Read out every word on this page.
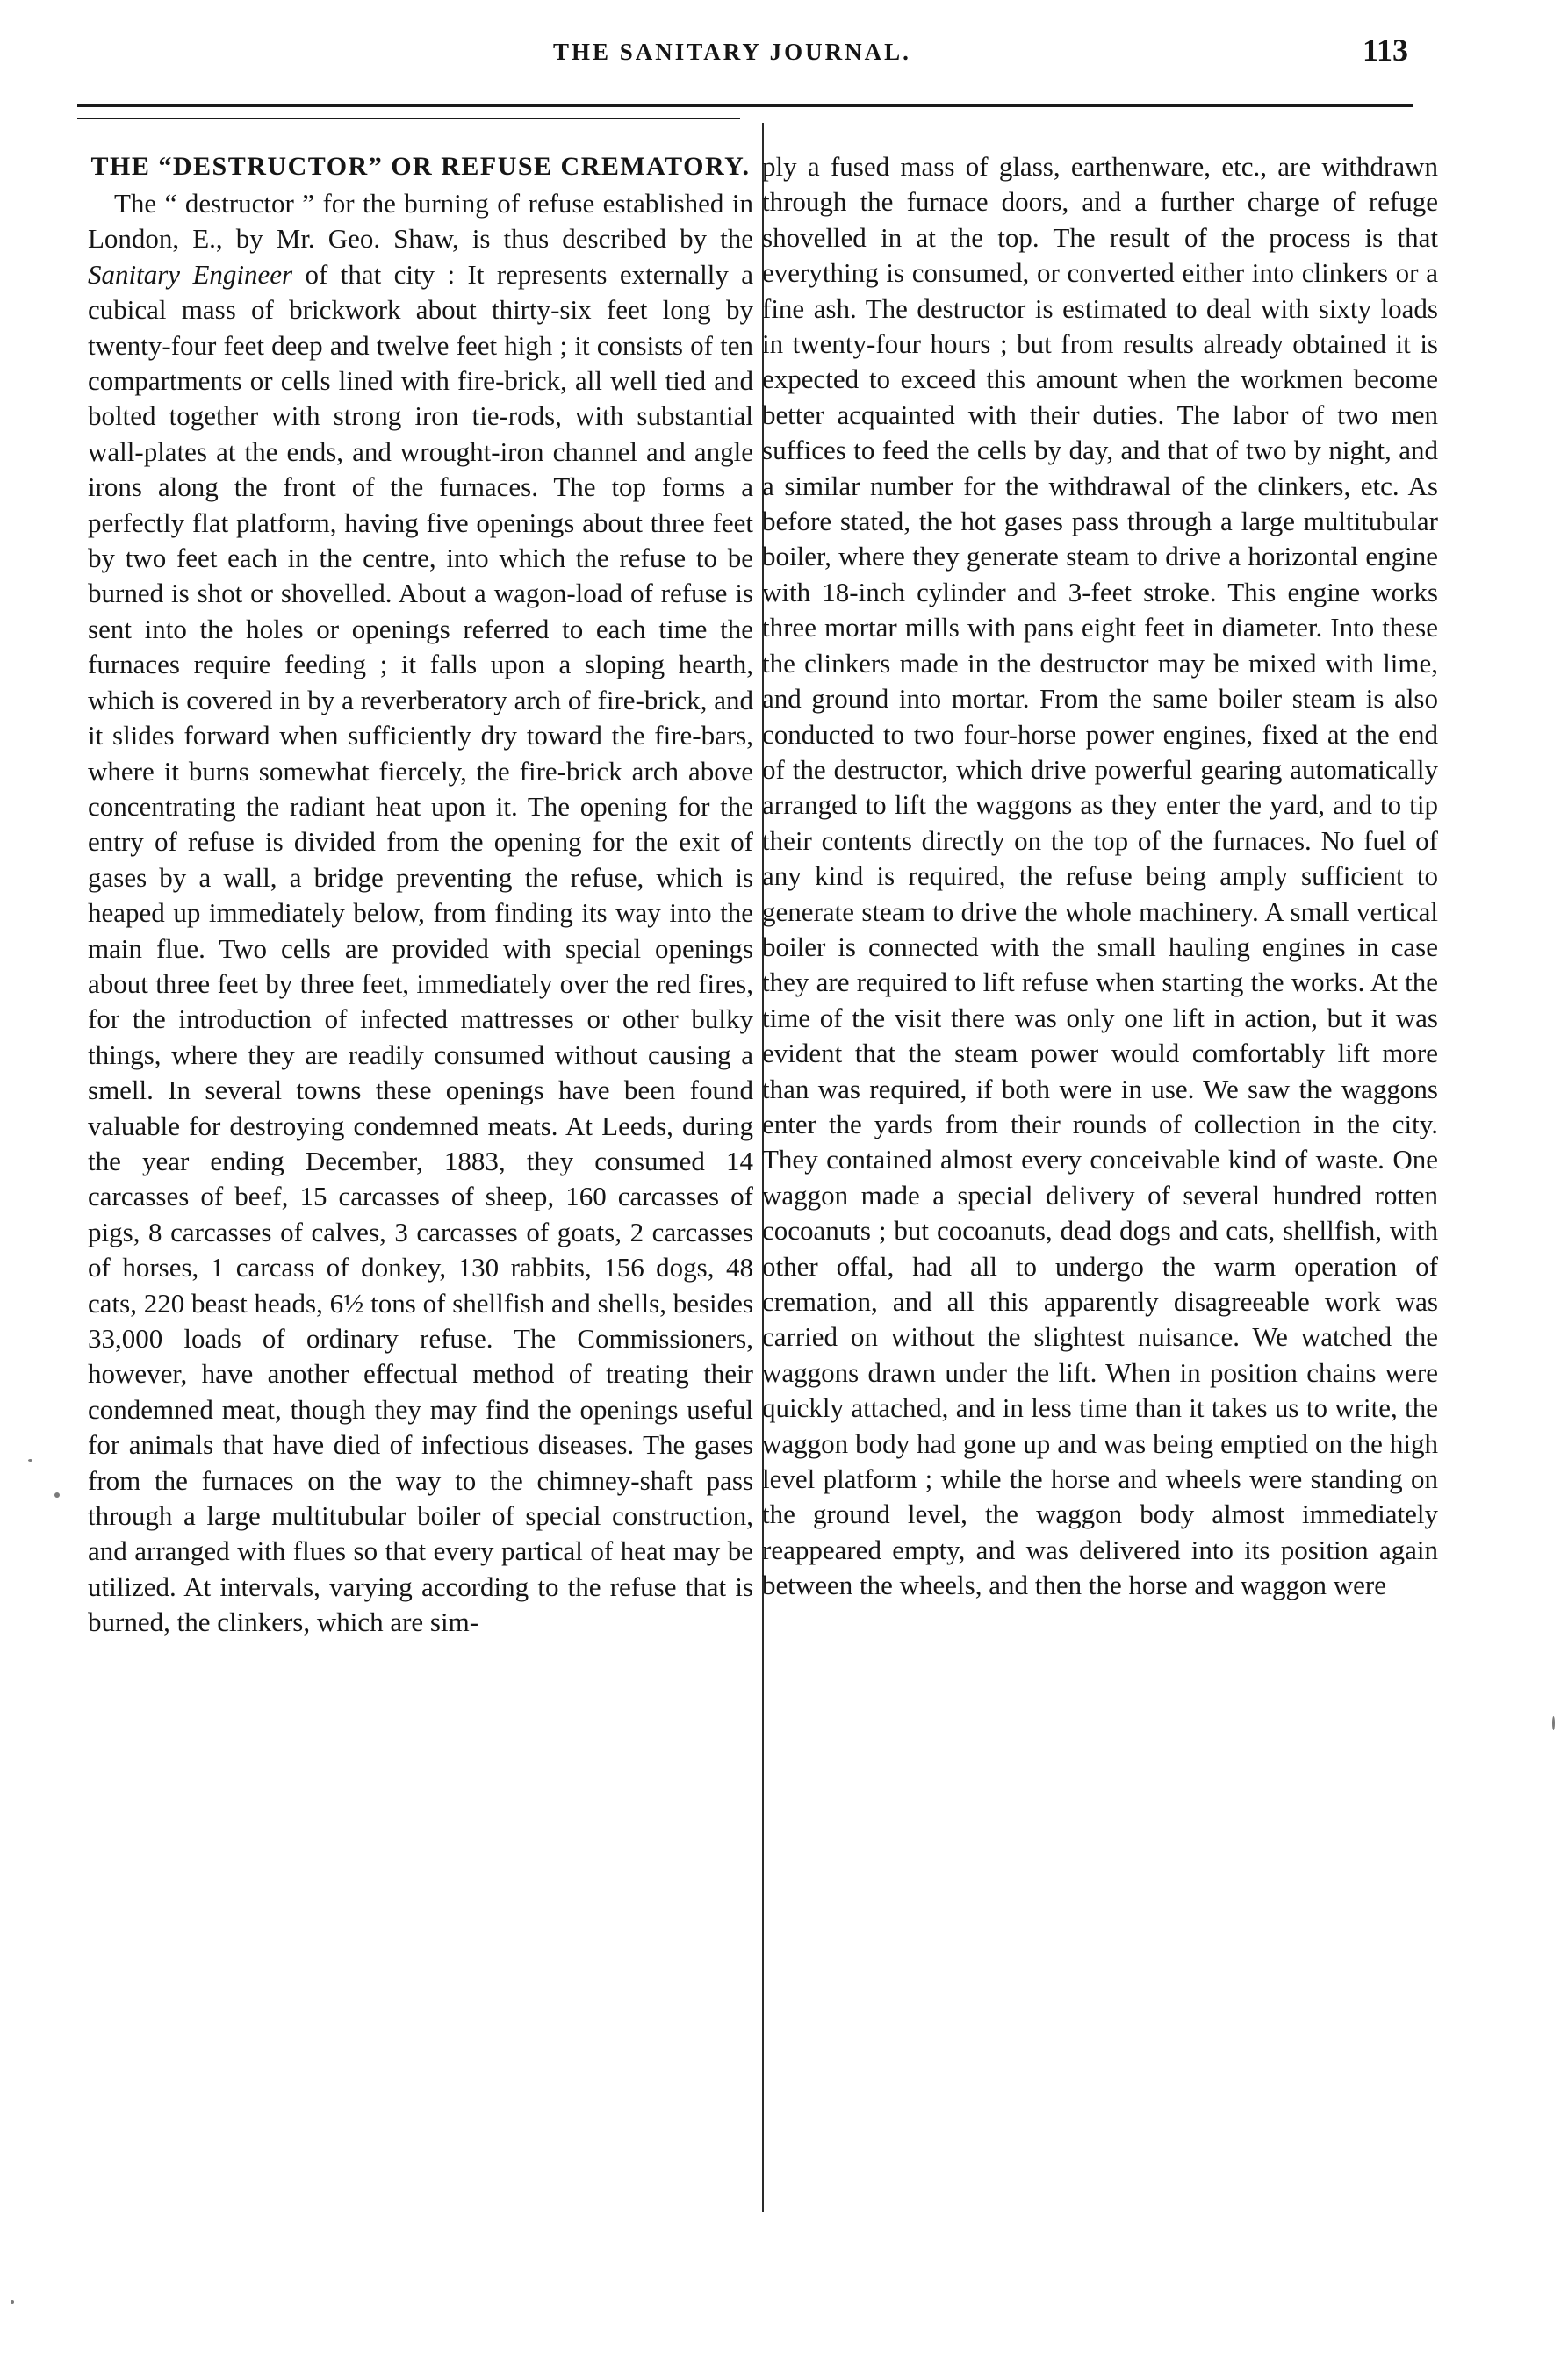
THE SANITARY JOURNAL.	113
THE “DESTRUCTOR” OR REFUSE CREMATORY.

The “ destructor ” for the burning of refuse established in London, E., by Mr. Geo. Shaw, is thus described by the Sanitary Engineer of that city : It represents externally a cubical mass of brickwork about thirty-six feet long by twenty-four feet deep and twelve feet high ; it consists of ten compartments or cells lined with fire-brick, all well tied and bolted together with strong iron tie-rods, with substantial wall-plates at the ends, and wrought-iron channel and angle irons along the front of the furnaces. The top forms a perfectly flat platform, having five openings about three feet by two feet each in the centre, into which the refuse to be burned is shot or shovelled. About a wagon-load of refuse is sent into the holes or openings referred to each time the furnaces require feeding ; it falls upon a sloping hearth, which is covered in by a reverberatory arch of fire-brick, and it slides forward when sufficiently dry toward the fire-bars, where it burns somewhat fiercely, the fire-brick arch above concentrating the radiant heat upon it. The opening for the entry of refuse is divided from the opening for the exit of gases by a wall, a bridge preventing the refuse, which is heaped up immediately below, from finding its way into the main flue. Two cells are provided with special openings about three feet by three feet, immediately over the red fires, for the introduction of infected mattresses or other bulky things, where they are readily consumed without causing a smell. In several towns these openings have been found valuable for destroying condemned meats. At Leeds, during the year ending December, 1883, they consumed 14 carcasses of beef, 15 carcasses of sheep, 160 carcasses of pigs, 8 carcasses of calves, 3 carcasses of goats, 2 carcasses of horses, 1 carcass of donkey, 130 rabbits, 156 dogs, 48 cats, 220 beast heads, 6½ tons of shellfish and shells, besides 33,000 loads of ordinary refuse. The Commissioners, however, have another effectual method of treating their condemned meat, though they may find the openings useful for animals that have died of infectious diseases. The gases from the furnaces on the way to the chimney-shaft pass through a large multitubular boiler of special construction, and arranged with flues so that every partical of heat may be utilized. At intervals, varying according to the refuse that is burned, the clinkers, which are sim-

ply a fused mass of glass, earthenware, etc., are withdrawn through the furnace doors, and a further charge of refuge shovelled in at the top. The result of the process is that everything is consumed, or converted either into clinkers or a fine ash. The destructor is estimated to deal with sixty loads in twenty-four hours ; but from results already obtained it is expected to exceed this amount when the workmen become better acquainted with their duties. The labor of two men suffices to feed the cells by day, and that of two by night, and a similar number for the withdrawal of the clinkers, etc. As before stated, the hot gases pass through a large multitubular boiler, where they generate steam to drive a horizontal engine with 18-inch cylinder and 3-feet stroke. This engine works three mortar mills with pans eight feet in diameter. Into these the clinkers made in the destructor may be mixed with lime, and ground into mortar. From the same boiler steam is also conducted to two four-horse power engines, fixed at the end of the destructor, which drive powerful gearing automatically arranged to lift the waggons as they enter the yard, and to tip their contents directly on the top of the furnaces. No fuel of any kind is required, the refuse being amply sufficient to generate steam to drive the whole machinery. A small vertical boiler is connected with the small hauling engines in case they are required to lift refuse when starting the works. At the time of the visit there was only one lift in action, but it was evident that the steam power would comfortably lift more than was required, if both were in use. We saw the waggons enter the yards from their rounds of collection in the city. They contained almost every conceivable kind of waste. One waggon made a special delivery of several hundred rotten cocoanuts ; but cocoanuts, dead dogs and cats, shellfish, with other offal, had all to undergo the warm operation of cremation, and all this apparently disagreeable work was carried on without the slightest nuisance. We watched the waggons drawn under the lift. When in position chains were quickly attached, and in less time than it takes us to write, the waggon body had gone up and was being emptied on the high level platform ; while the horse and wheels were standing on the ground level, the waggon body almost immediately reappeared empty, and was delivered into its position again between the wheels, and then the horse and waggon were
